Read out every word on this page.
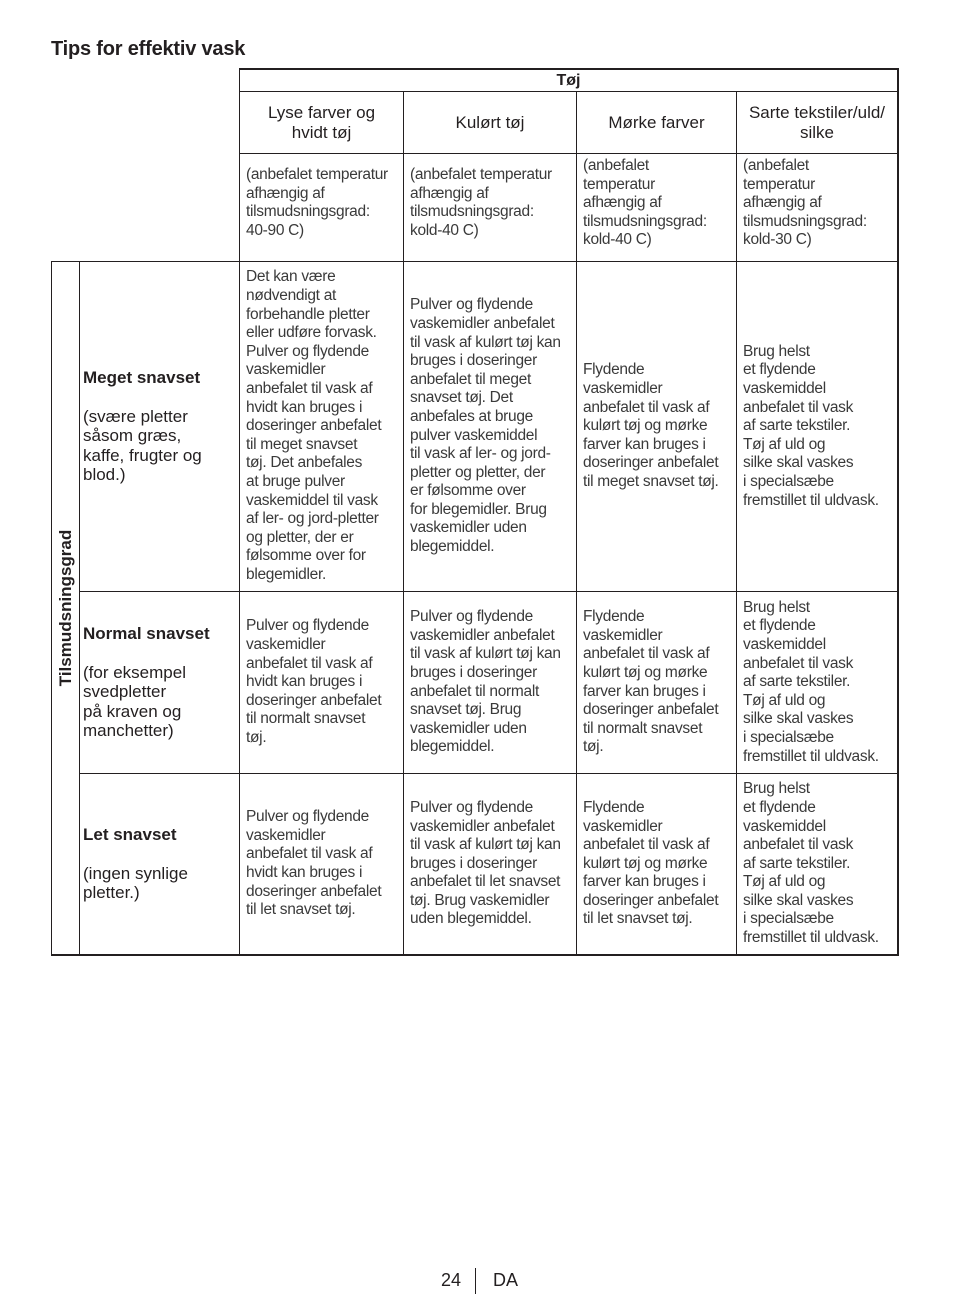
Tips for effektiv vask
Tøj
Lyse farver og
hvidt tøj
Kulørt tøj	Mørke farver
Sarte tekstiler/uld/
silke
(anbefalet temperatur
afhængig af
tilsmudsningsgrad:
40-90 C)
(anbefalet temperatur
afhængig af
tilsmudsningsgrad:
kold-40 C)
(anbefalet
temperatur
afhængig af
tilsmudsningsgrad:
kold-40 C)
(anbefalet
temperatur
afhængig af
tilsmudsningsgrad:
kold-30 C)
Tilsmudsningsgrad
Meget snavset
(svære pletter
såsom græs,
kaffe, frugter og
blod.)
Det kan være
nødvendigt at
forbehandle pletter
eller udføre forvask.
Pulver og flydende
vaskemidler
anbefalet til vask af
hvidt kan bruges i
doseringer anbefalet
til meget snavset
tøj. Det anbefales
at bruge pulver
vaskemiddel til vask
af ler- og jord-pletter
og pletter, der er
følsomme over for
blegemidler.
Pulver og flydende
vaskemidler anbefalet
til vask af kulørt tøj kan
bruges i doseringer
anbefalet til meget
snavset tøj. Det
anbefales at bruge
pulver vaskemiddel
til vask af ler- og jord-
pletter og pletter, der
er følsomme over
for blegemidler. Brug
vaskemidler uden
blegemiddel.
Flydende
vaskemidler
anbefalet til vask af
kulørt tøj og mørke
farver kan bruges i
doseringer anbefalet
til meget snavset tøj.
Brug helst
et flydende
vaskemiddel
anbefalet til vask
af sarte tekstiler.
Tøj af uld og
silke skal vaskes
i specialsæbe
fremstillet til uldvask.
Normal snavset
(for eksempel
svedpletter
på kraven og
manchetter)
Pulver og flydende
vaskemidler
anbefalet til vask af
hvidt kan bruges i
doseringer anbefalet
til normalt snavset
tøj.
Pulver og flydende
vaskemidler anbefalet
til vask af kulørt tøj kan
bruges i doseringer
anbefalet til normalt
snavset tøj. Brug
vaskemidler uden
blegemiddel.
Flydende
vaskemidler
anbefalet til vask af
kulørt tøj og mørke
farver kan bruges i
doseringer anbefalet
til normalt snavset
tøj.
Brug helst
et flydende
vaskemiddel
anbefalet til vask
af sarte tekstiler.
Tøj af uld og
silke skal vaskes
i specialsæbe
fremstillet til uldvask.
Let snavset
(ingen synlige
pletter.)
Pulver og flydende
vaskemidler
anbefalet til vask af
hvidt kan bruges i
doseringer anbefalet
til let snavset tøj.
Pulver og flydende
vaskemidler anbefalet
til vask af kulørt tøj kan
bruges i doseringer
anbefalet til let snavset
tøj. Brug vaskemidler
uden blegemiddel.
Flydende
vaskemidler
anbefalet til vask af
kulørt tøj og mørke
farver kan bruges i
doseringer anbefalet
til let snavset tøj.
Brug helst
et flydende
vaskemiddel
anbefalet til vask
af sarte tekstiler.
Tøj af uld og
silke skal vaskes
i specialsæbe
fremstillet til uldvask.
24 DA
